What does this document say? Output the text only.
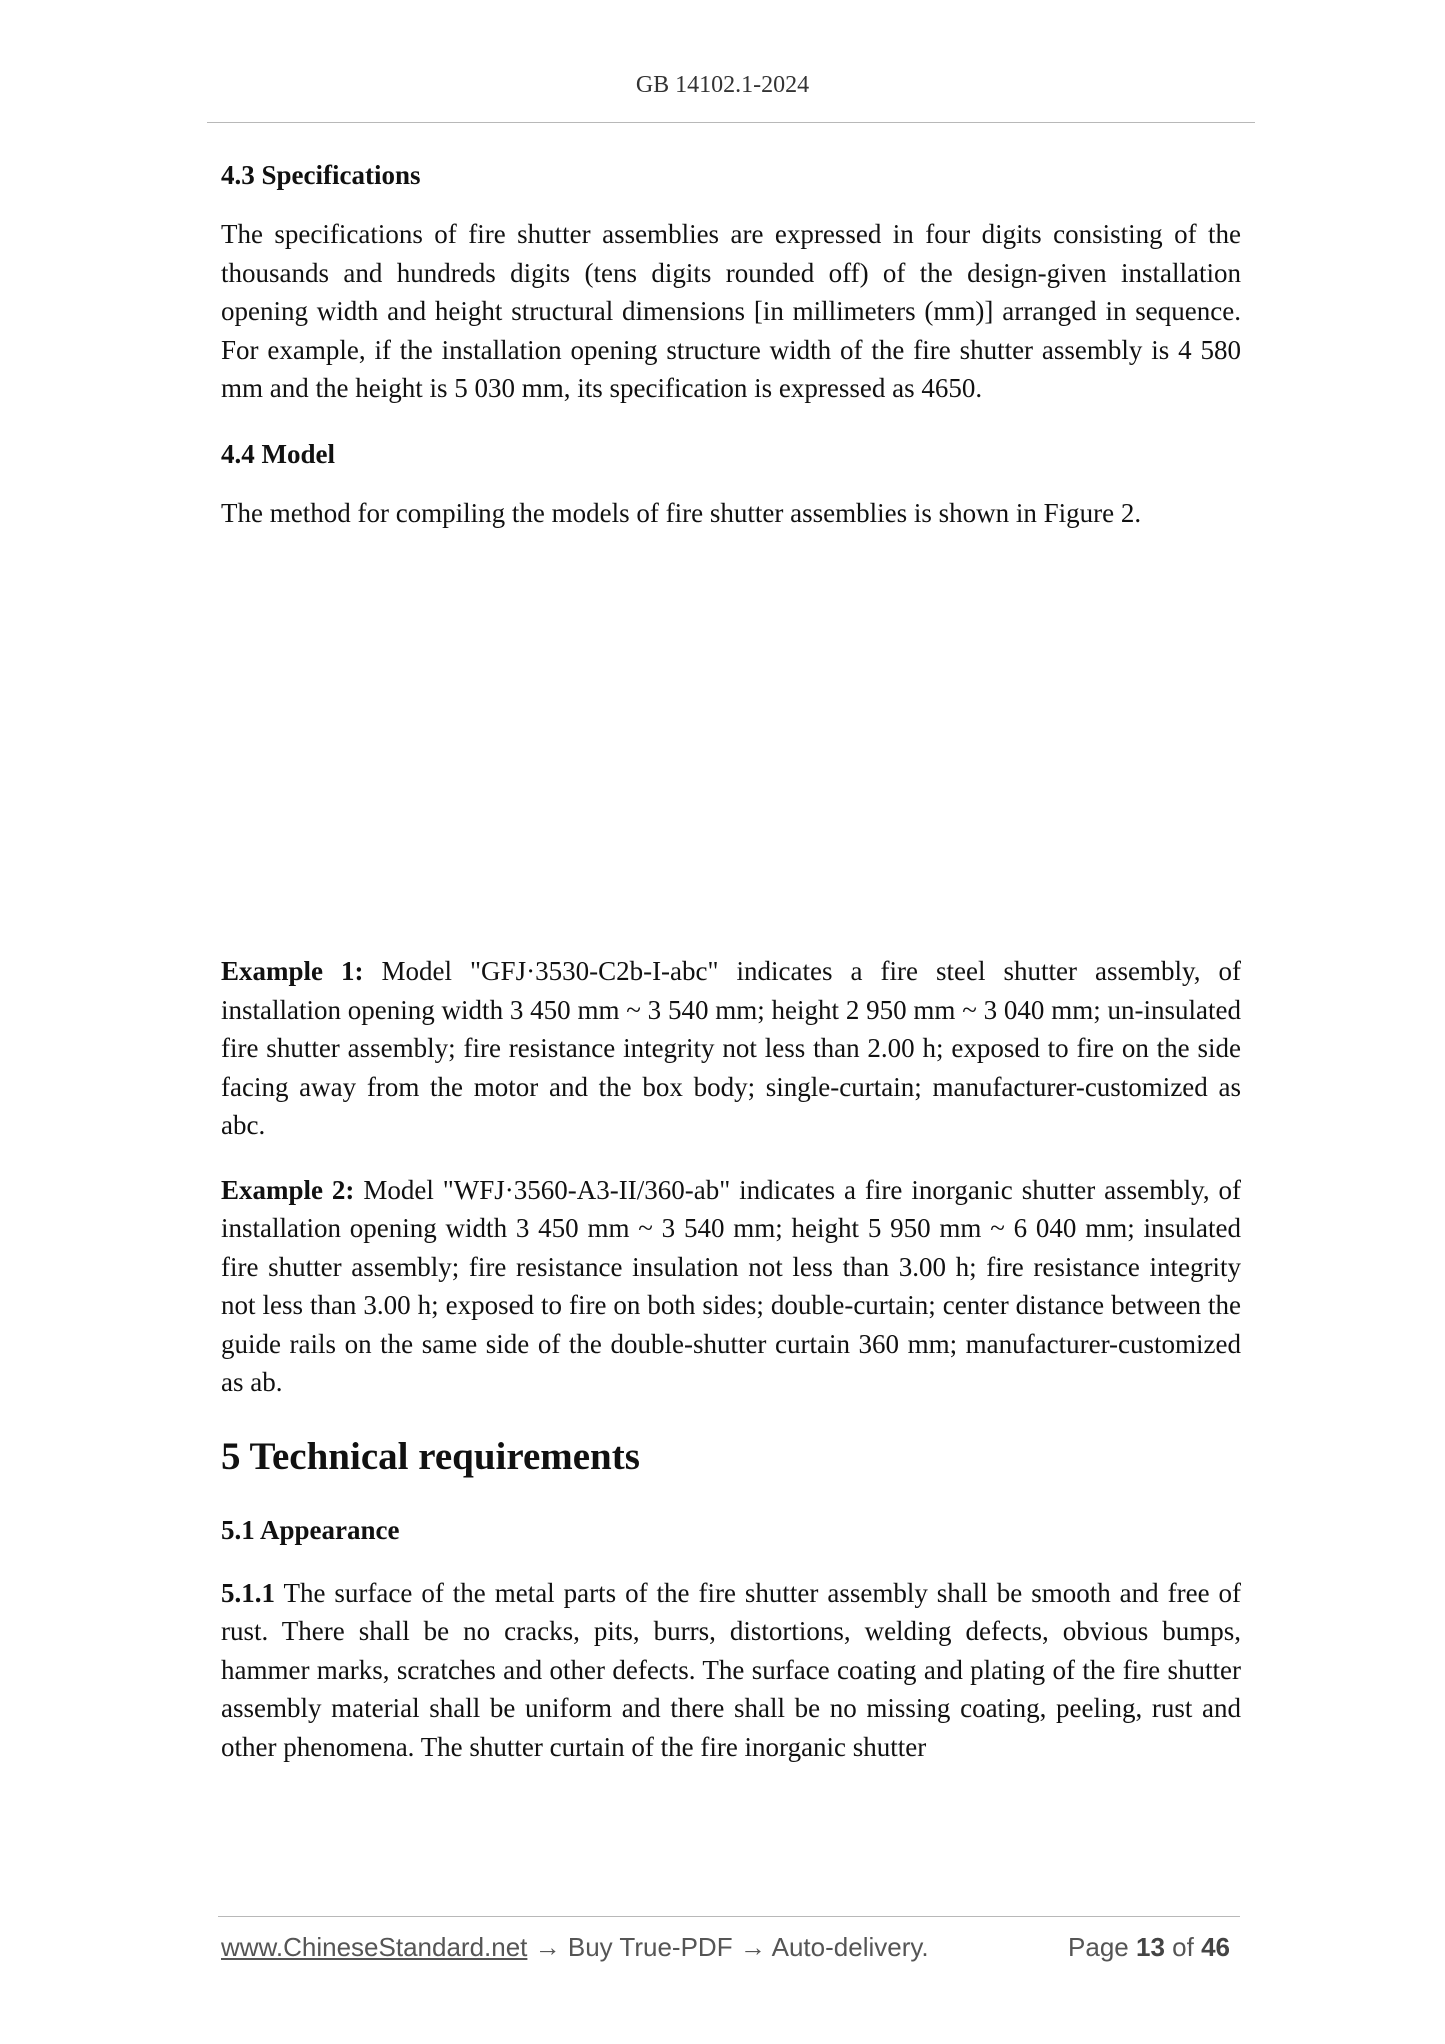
GB 14102.1-2024
4.3 Specifications

The specifications of fire shutter assemblies are expressed in four digits consisting of the thousands and hundreds digits (tens digits rounded off) of the design-given installation opening width and height structural dimensions [in millimeters (mm)] arranged in sequence. For example, if the installation opening structure width of the fire shutter assembly is 4 580 mm and the height is 5 030 mm, its specification is expressed as 4650.

4.4 Model

The method for compiling the models of fire shutter assemblies is shown in Figure 2.

Example 1: Model "GFJ·3530-C2b-I-abc" indicates a fire steel shutter assembly, of installation opening width 3 450 mm ~ 3 540 mm; height 2 950 mm ~ 3 040 mm; un-insulated fire shutter assembly; fire resistance integrity not less than 2.00 h; exposed to fire on the side facing away from the motor and the box body; single-curtain; manufacturer-customized as abc.

Example 2: Model "WFJ·3560-A3-II/360-ab" indicates a fire inorganic shutter assembly, of installation opening width 3 450 mm ~ 3 540 mm; height 5 950 mm ~ 6 040 mm; insulated fire shutter assembly; fire resistance insulation not less than 3.00 h; fire resistance integrity not less than 3.00 h; exposed to fire on both sides; double-curtain; center distance between the guide rails on the same side of the double-shutter curtain 360 mm; manufacturer-customized as ab.

5 Technical requirements
5.1 Appearance

5.1.1 The surface of the metal parts of the fire shutter assembly shall be smooth and free of rust. There shall be no cracks, pits, burrs, distortions, welding defects, obvious bumps, hammer marks, scratches and other defects. The surface coating and plating of the fire shutter assembly material shall be uniform and there shall be no missing coating, peeling, rust and other phenomena. The shutter curtain of the fire inorganic shutter

www.ChineseStandard.net → Buy True-PDF → Auto-delivery.	Page 13 of 46
